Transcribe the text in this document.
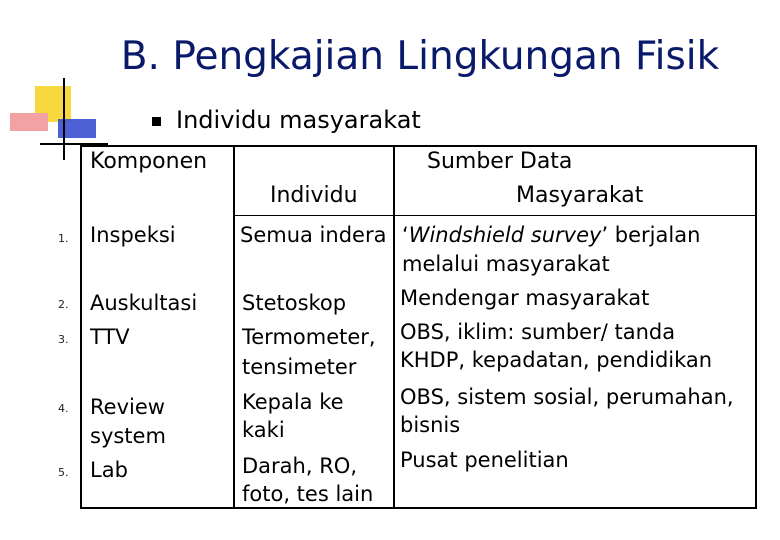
B. Pengkajian Lingkungan Fisik
Individu masyarakat
Komponen	Sumber Data
Individu	Masyarakat
1.
2.
3.
4.
5.
Inspeksi
Auskultasi
TTV
Review
system
Lab
Semua indera
Stetoskop
Termometer,
tensimeter
Kepala ke
kaki
Darah, RO,
foto, tes lain
‘Windshield survey’ berjalan
melalui masyarakat
Mendengar masyarakat
OBS, iklim: sumber/ tanda
KHDP, kepadatan, pendidikan
OBS, sistem sosial, perumahan,
bisnis
Pusat penelitian
